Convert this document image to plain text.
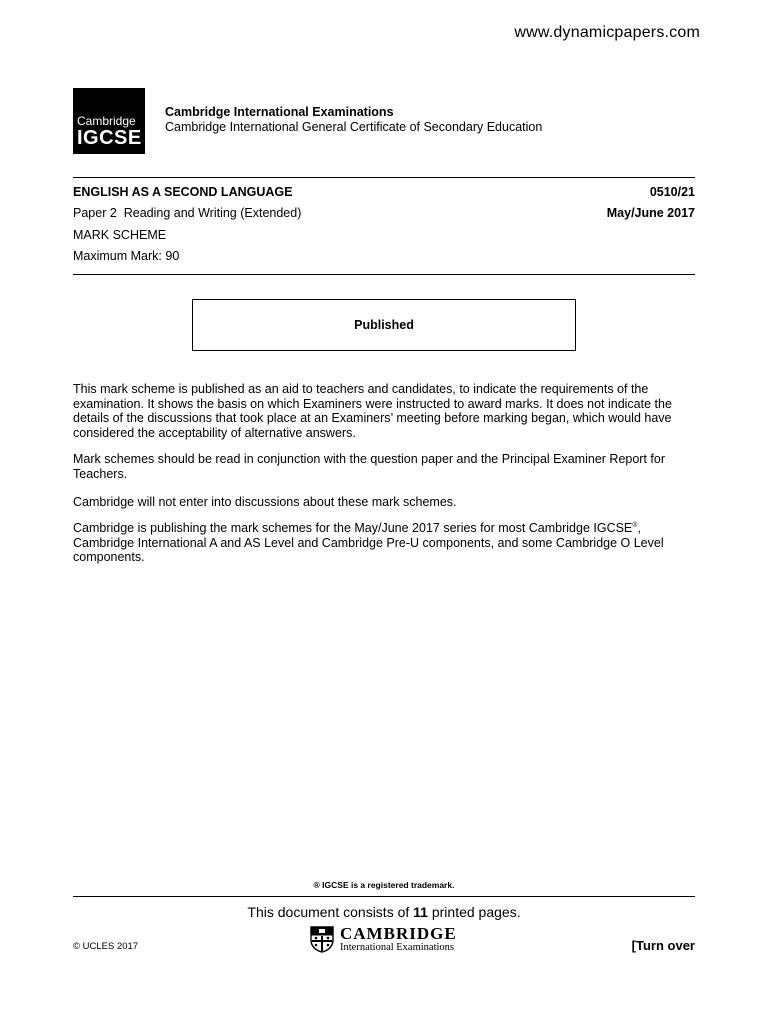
www.dynamicpapers.com
Cambridge
IGCSE
Cambridge International Examinations
Cambridge International General Certificate of Secondary Education
ENGLISH AS A SECOND LANGUAGE	0510/21
Paper 2  Reading and Writing (Extended)	May/June 2017
MARK SCHEME
Maximum Mark: 90
Published

This mark scheme is published as an aid to teachers and candidates, to indicate the requirements of the examination. It shows the basis on which Examiners were instructed to award marks. It does not indicate the details of the discussions that took place at an Examiners’ meeting before marking began, which would have considered the acceptability of alternative answers.

Mark schemes should be read in conjunction with the question paper and the Principal Examiner Report for Teachers.

Cambridge will not enter into discussions about these mark schemes.

Cambridge is publishing the mark schemes for the May/June 2017 series for most Cambridge IGCSE®, Cambridge International A and AS Level and Cambridge Pre-U components, and some Cambridge O Level components.

® IGCSE is a registered trademark.
This document consists of 11 printed pages.
© UCLES 2017
CAMBRIDGE
International Examinations	[Turn over
